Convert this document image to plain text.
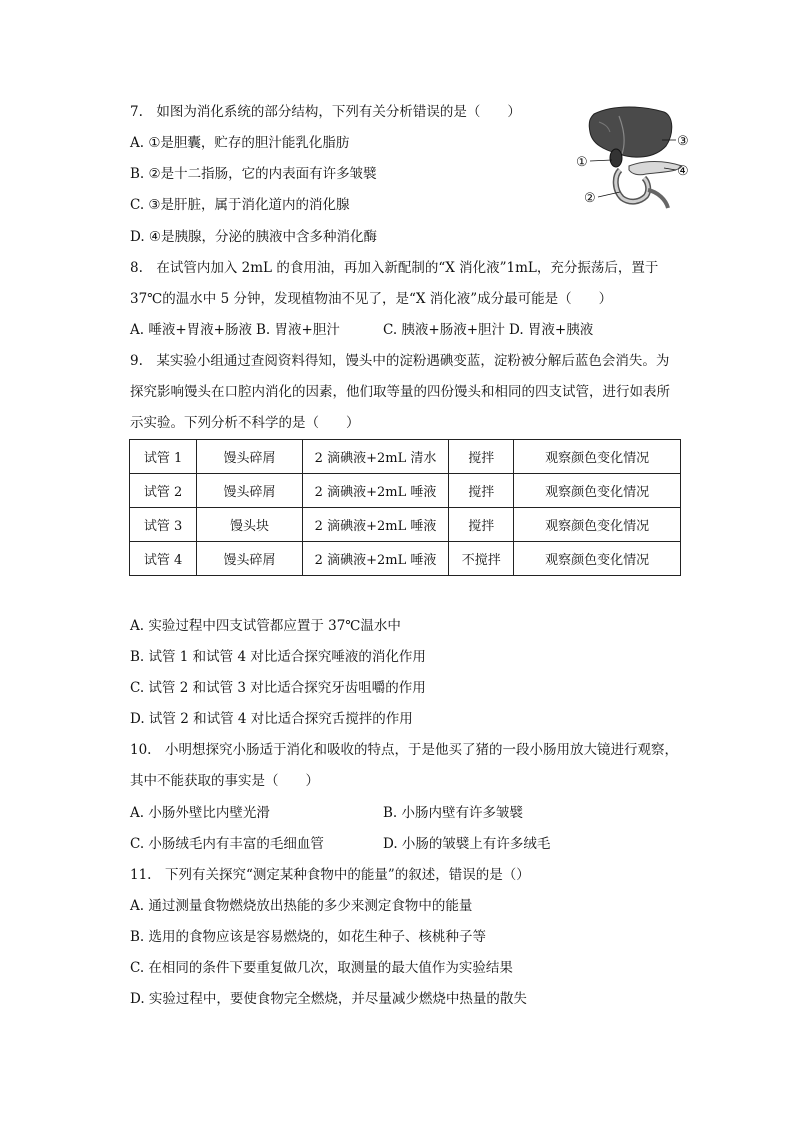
7.　如图为消化系统的部分结构，下列有关分析错误的是（　　）
A. ①是胆囊，贮存的胆汁能乳化脂肪
B. ②是十二指肠，它的内表面有许多皱襞
C. ③是肝脏，属于消化道内的消化腺
D. ④是胰腺，分泌的胰液中含多种消化酶
①
②
③
④
8.　在试管内加入 2mL 的食用油，再加入新配制的“X 消化液”1mL，充分振荡后，置于
37℃的温水中 5 分钟，发现植物油不见了，是“X 消化液”成分最可能是（　　）
A. 唾液+胃液+肠液 B. 胃液+胆汁	C. 胰液+肠液+胆汁 D. 胃液+胰液
9.　某实验小组通过查阅资料得知，馒头中的淀粉遇碘变蓝，淀粉被分解后蓝色会消失。为
探究影响馒头在口腔内消化的因素，他们取等量的四份馒头和相同的四支试管，进行如表所
示实验。下列分析不科学的是（　　）
试管 1	馒头碎屑	2 滴碘液+2mL 清水	搅拌	观察颜色变化情况
试管 2	馒头碎屑	2 滴碘液+2mL 唾液	搅拌	观察颜色变化情况
试管 3	馒头块	2 滴碘液+2mL 唾液	搅拌	观察颜色变化情况
试管 4	馒头碎屑	2 滴碘液+2mL 唾液	不搅拌	观察颜色变化情况
A. 实验过程中四支试管都应置于 37℃温水中
B. 试管 1 和试管 4 对比适合探究唾液的消化作用
C. 试管 2 和试管 3 对比适合探究牙齿咀嚼的作用
D. 试管 2 和试管 4 对比适合探究舌搅拌的作用
10.　小明想探究小肠适于消化和吸收的特点，于是他买了猪的一段小肠用放大镜进行观察，
其中不能获取的事实是（　　）
A. 小肠外壁比内壁光滑	B. 小肠内壁有许多皱襞
C. 小肠绒毛内有丰富的毛细血管	D. 小肠的皱襞上有许多绒毛
11.　下列有关探究“测定某种食物中的能量”的叙述，错误的是（）
A. 通过测量食物燃烧放出热能的多少来测定食物中的能量
B. 选用的食物应该是容易燃烧的，如花生种子、核桃种子等
C. 在相同的条件下要重复做几次，取测量的最大值作为实验结果
D. 实验过程中，要使食物完全燃烧，并尽量减少燃烧中热量的散失
